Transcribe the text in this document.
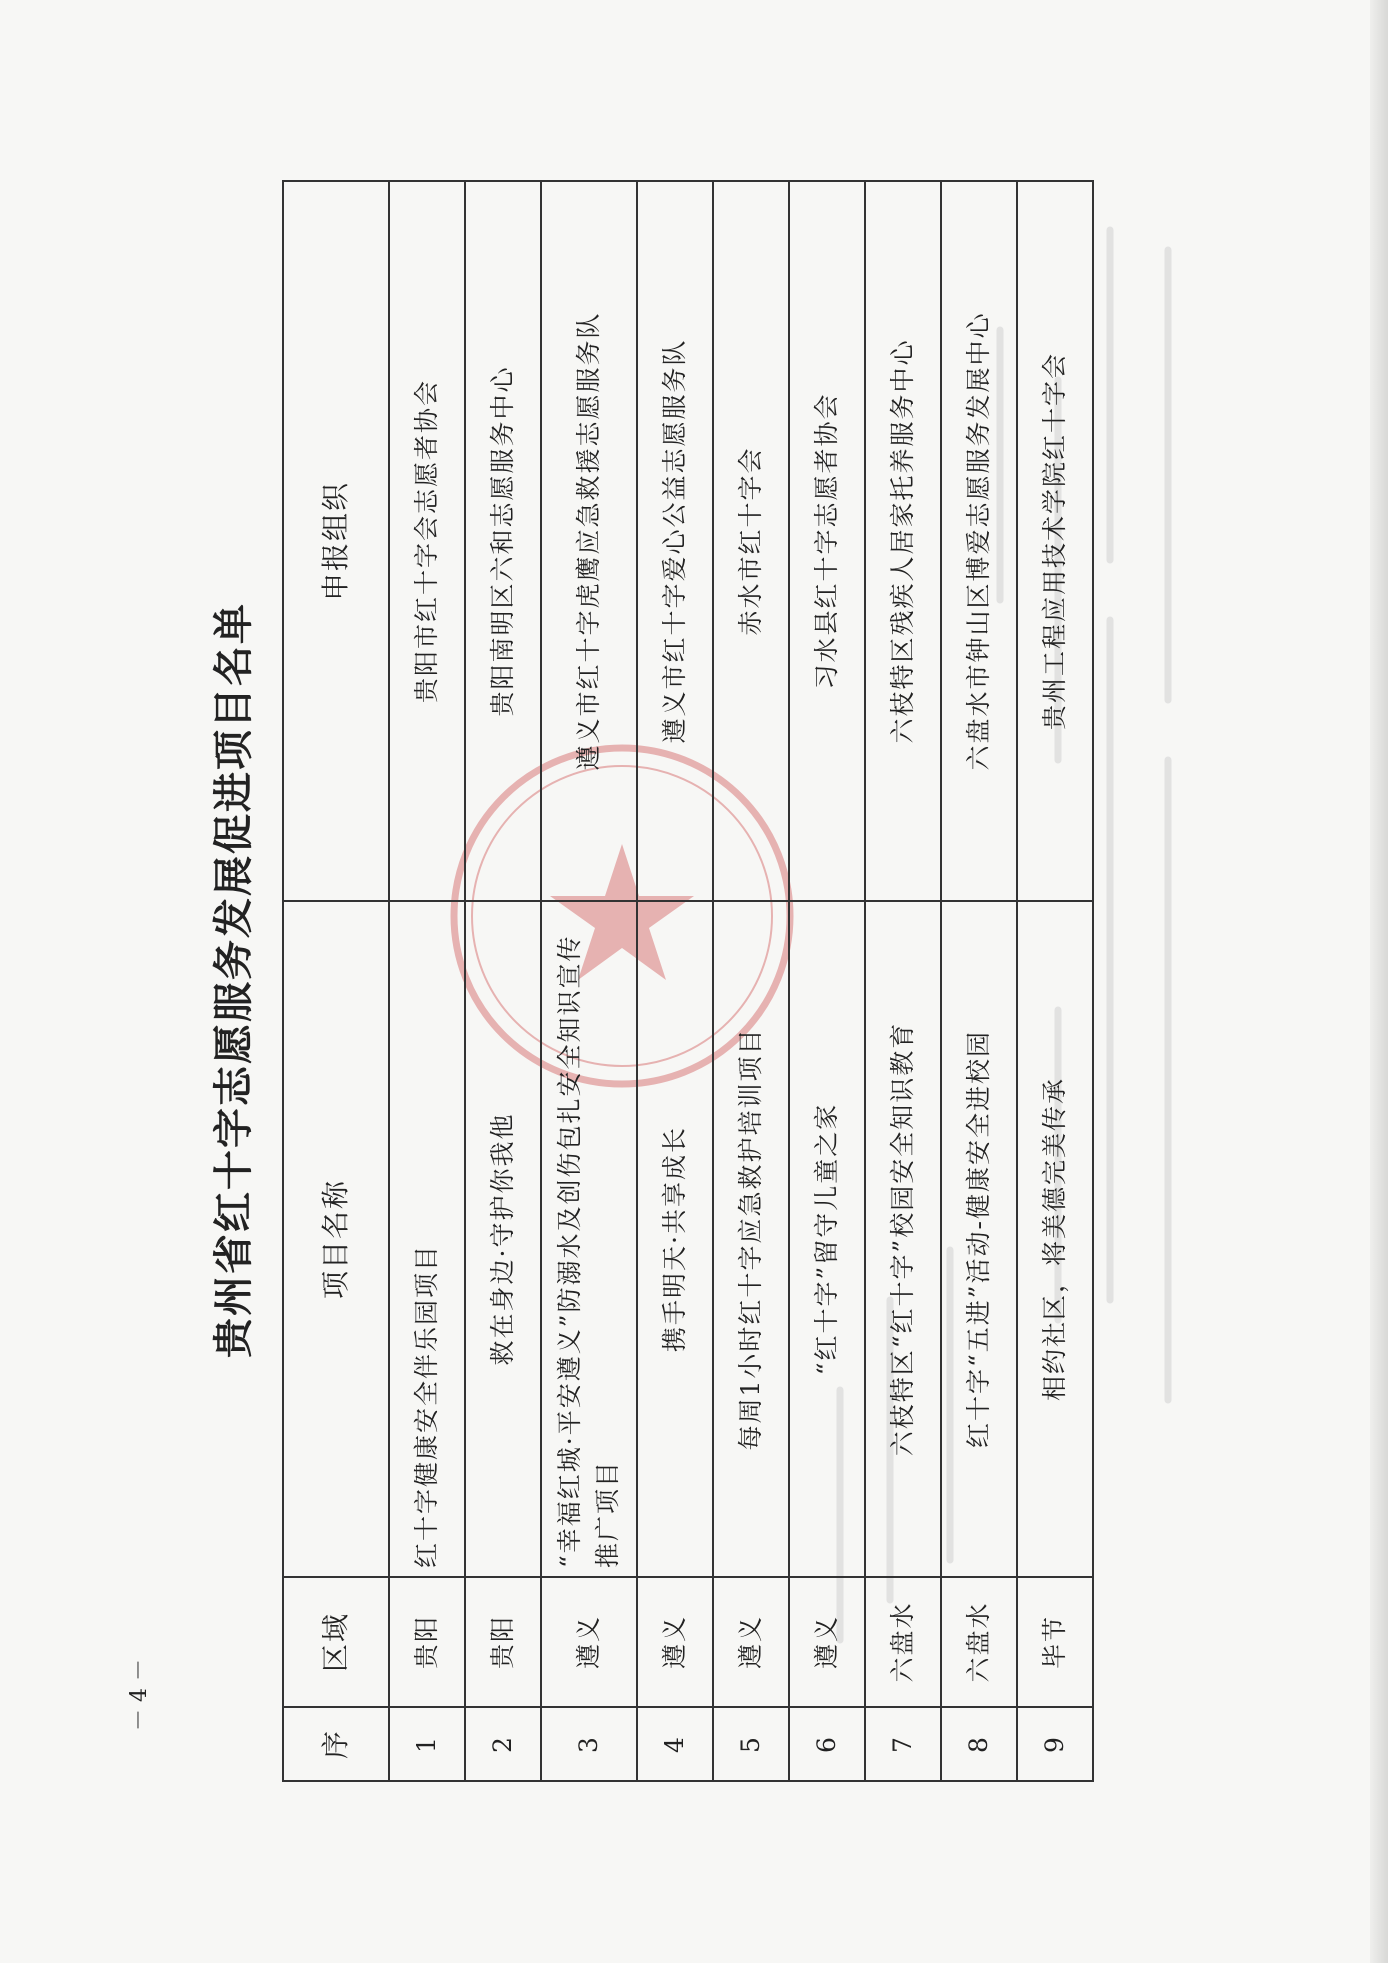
贵州省红十字志愿服务发展促进项目名单
－ 4 －
序	区域	项目名称	申报组织
1	贵阳	红十字健康安全伴乐园项目	贵阳市红十字会志愿者协会
2	贵阳	救在身边·守护你我他	贵阳南明区六和志愿服务中心
3	遵义	“幸福红城·平安遵义”防溺水及创伤包扎安全知识宣传推广项目	遵义市红十字虎鹰应急救援志愿服务队
4	遵义	携手明天·共享成长	遵义市红十字爱心公益志愿服务队
5	遵义	每周1小时红十字应急救护培训项目	赤水市红十字会
6	遵义	“红十字”留守儿童之家	习水县红十字志愿者协会
7	六盘水	六枝特区“红十字”校园安全知识教育	六枝特区残疾人居家托养服务中心
8	六盘水	红十字“五进”活动-健康安全进校园	六盘水市钟山区博爱志愿服务发展中心
9	毕节	相约社区，将美德完美传承	贵州工程应用技术学院红十字会
